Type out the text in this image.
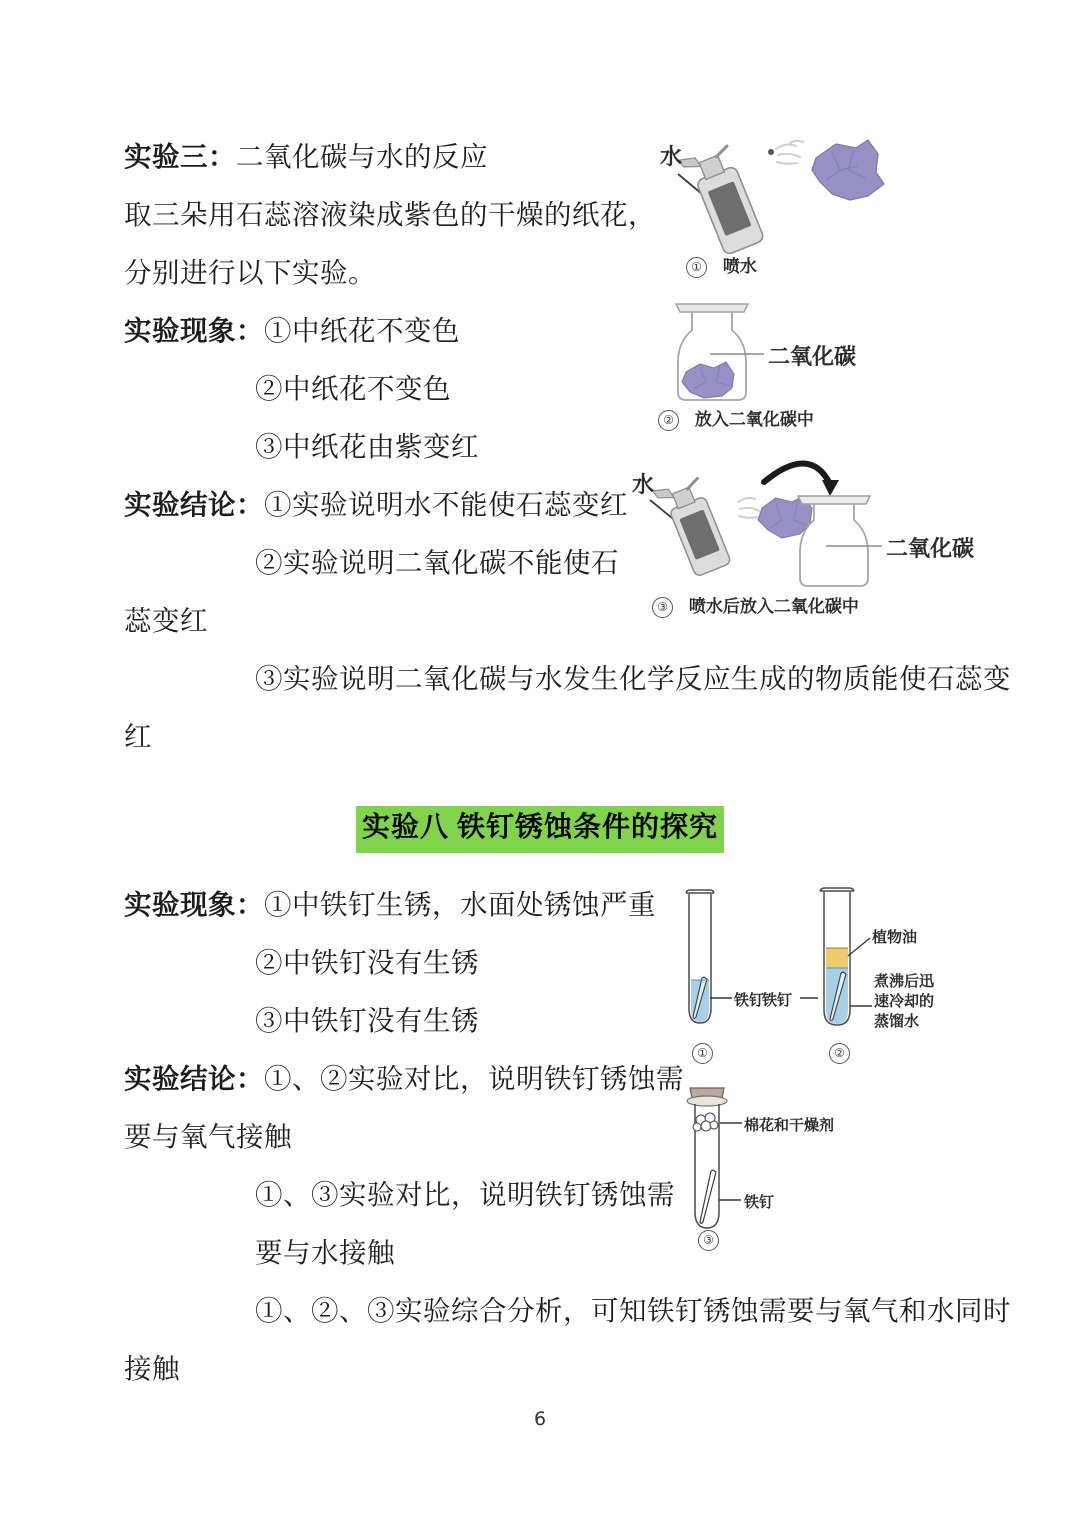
实验三：二氧化碳与水的反应
取三朵用石蕊溶液染成紫色的干燥的纸花，
分别进行以下实验。
实验现象：①中纸花不变色
②中纸花不变色
③中纸花由紫变红
实验结论：①实验说明水不能使石蕊变红
②实验说明二氧化碳不能使石
蕊变红
③实验说明二氧化碳与水发生化学反应生成的物质能使石蕊变
红
水
① 喷水
二氧化碳
② 放入二氧化碳中
水
二氧化碳
③ 喷水后放入二氧化碳中
实验八 铁钉锈蚀条件的探究
实验现象：①中铁钉生锈，水面处锈蚀严重
②中铁钉没有生锈
③中铁钉没有生锈
实验结论：①、②实验对比，说明铁钉锈蚀需
要与氧气接触
①、③实验对比，说明铁钉锈蚀需
要与水接触
①、②、③实验综合分析，可知铁钉锈蚀需要与氧气和水同时
接触
铁钉
铁钉
植物油
煮沸后迅
速冷却的
蒸馏水
①	②
棉花和干燥剂
铁钉
③
6
